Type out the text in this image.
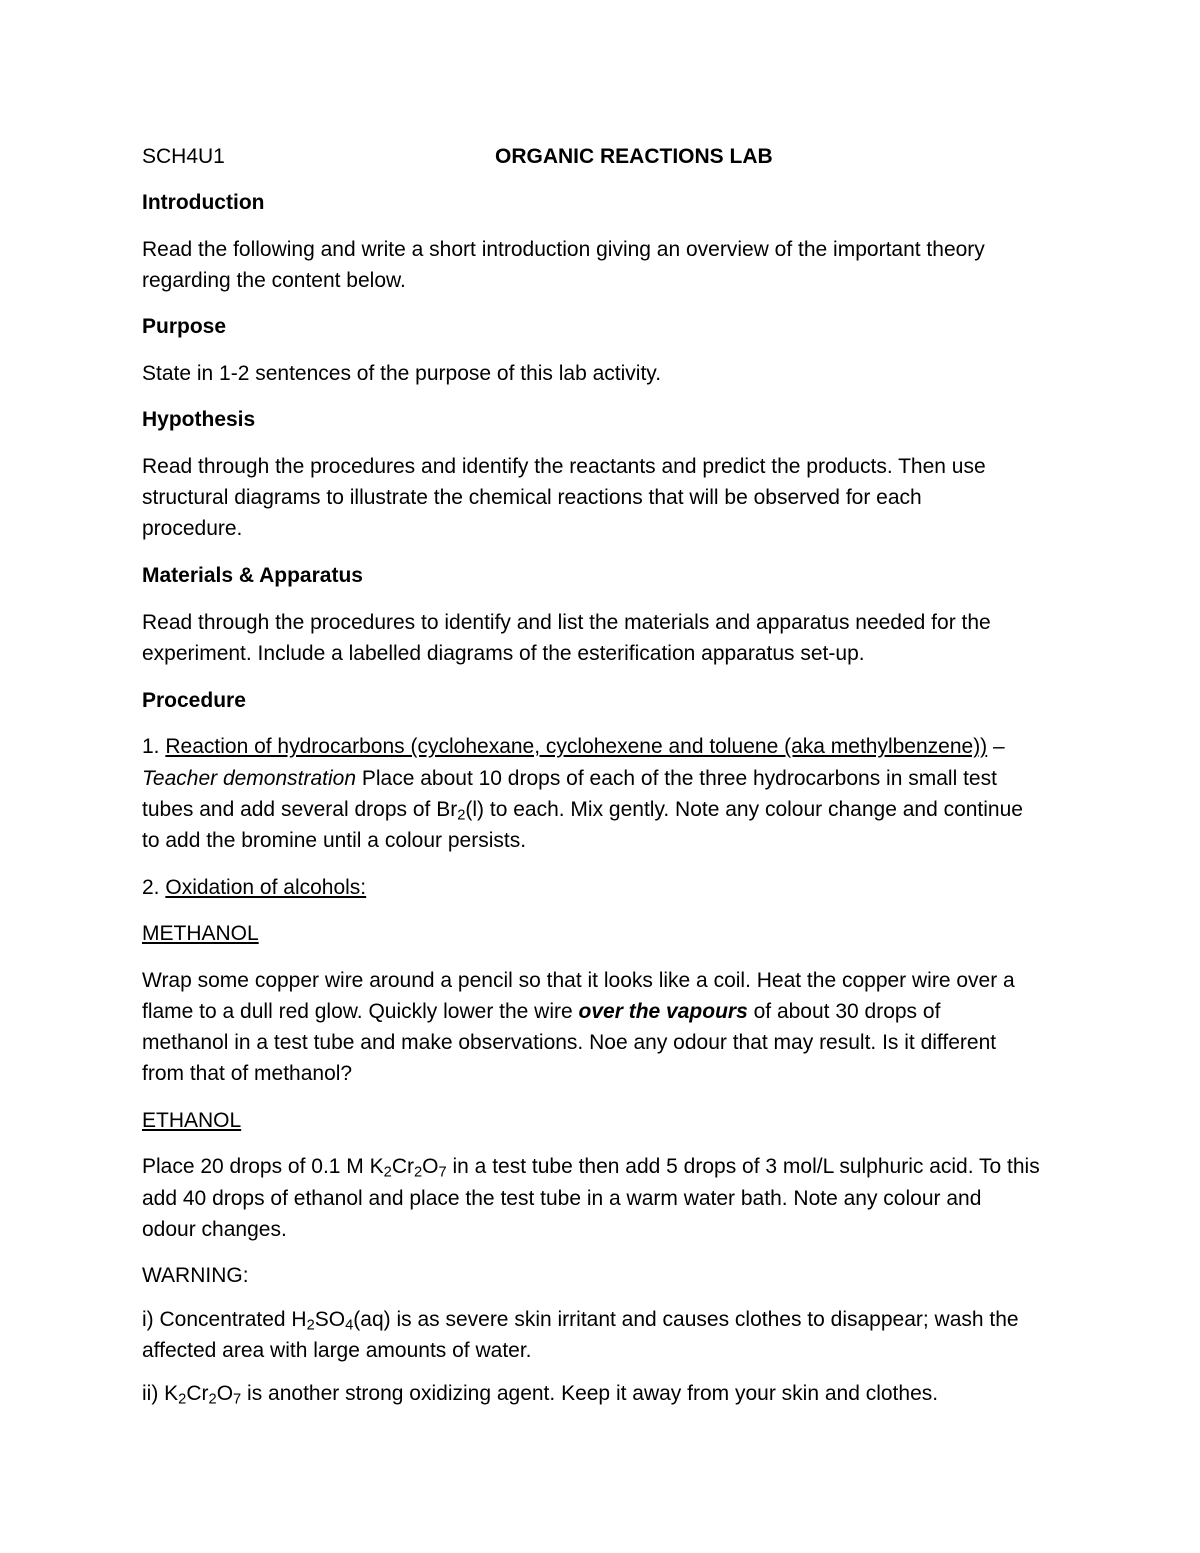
SCH4U1	ORGANIC REACTIONS LAB
Introduction
Read the following and write a short introduction giving an overview of the important theory
regarding the content below.
Purpose
State in 1-2 sentences of the purpose of this lab activity.
Hypothesis
Read through the procedures and identify the reactants and predict the products. Then use
structural diagrams to illustrate the chemical reactions that will be observed for each
procedure.
Materials & Apparatus
Read through the procedures to identify and list the materials and apparatus needed for the
experiment. Include a labelled diagrams of the esterification apparatus set-up.
Procedure
1. Reaction of hydrocarbons (cyclohexane, cyclohexene and toluene (aka methylbenzene)) –
Teacher demonstration Place about 10 drops of each of the three hydrocarbons in small test
tubes and add several drops of $Br_2(l)$ to each. Mix gently. Note any colour change and continue
to add the bromine until a colour persists.
2. Oxidation of alcohols:
METHANOL
Wrap some copper wire around a pencil so that it looks like a coil. Heat the copper wire over a
flame to a dull red glow. Quickly lower the wire over the vapours of about 30 drops of
methanol in a test tube and make observations. Noe any odour that may result. Is it different
from that of methanol?
ETHANOL
Place 20 drops of 0.1 M $K_2Cr_2O_7$ in a test tube then add 5 drops of 3 mol/L sulphuric acid. To this
add 40 drops of ethanol and place the test tube in a warm water bath. Note any colour and
odour changes.
WARNING:
i) Concentrated $H_2SO_4(aq)$ is as severe skin irritant and causes clothes to disappear; wash the
affected area with large amounts of water.
ii) $K_2Cr_2O_7$ is another strong oxidizing agent. Keep it away from your skin and clothes.
